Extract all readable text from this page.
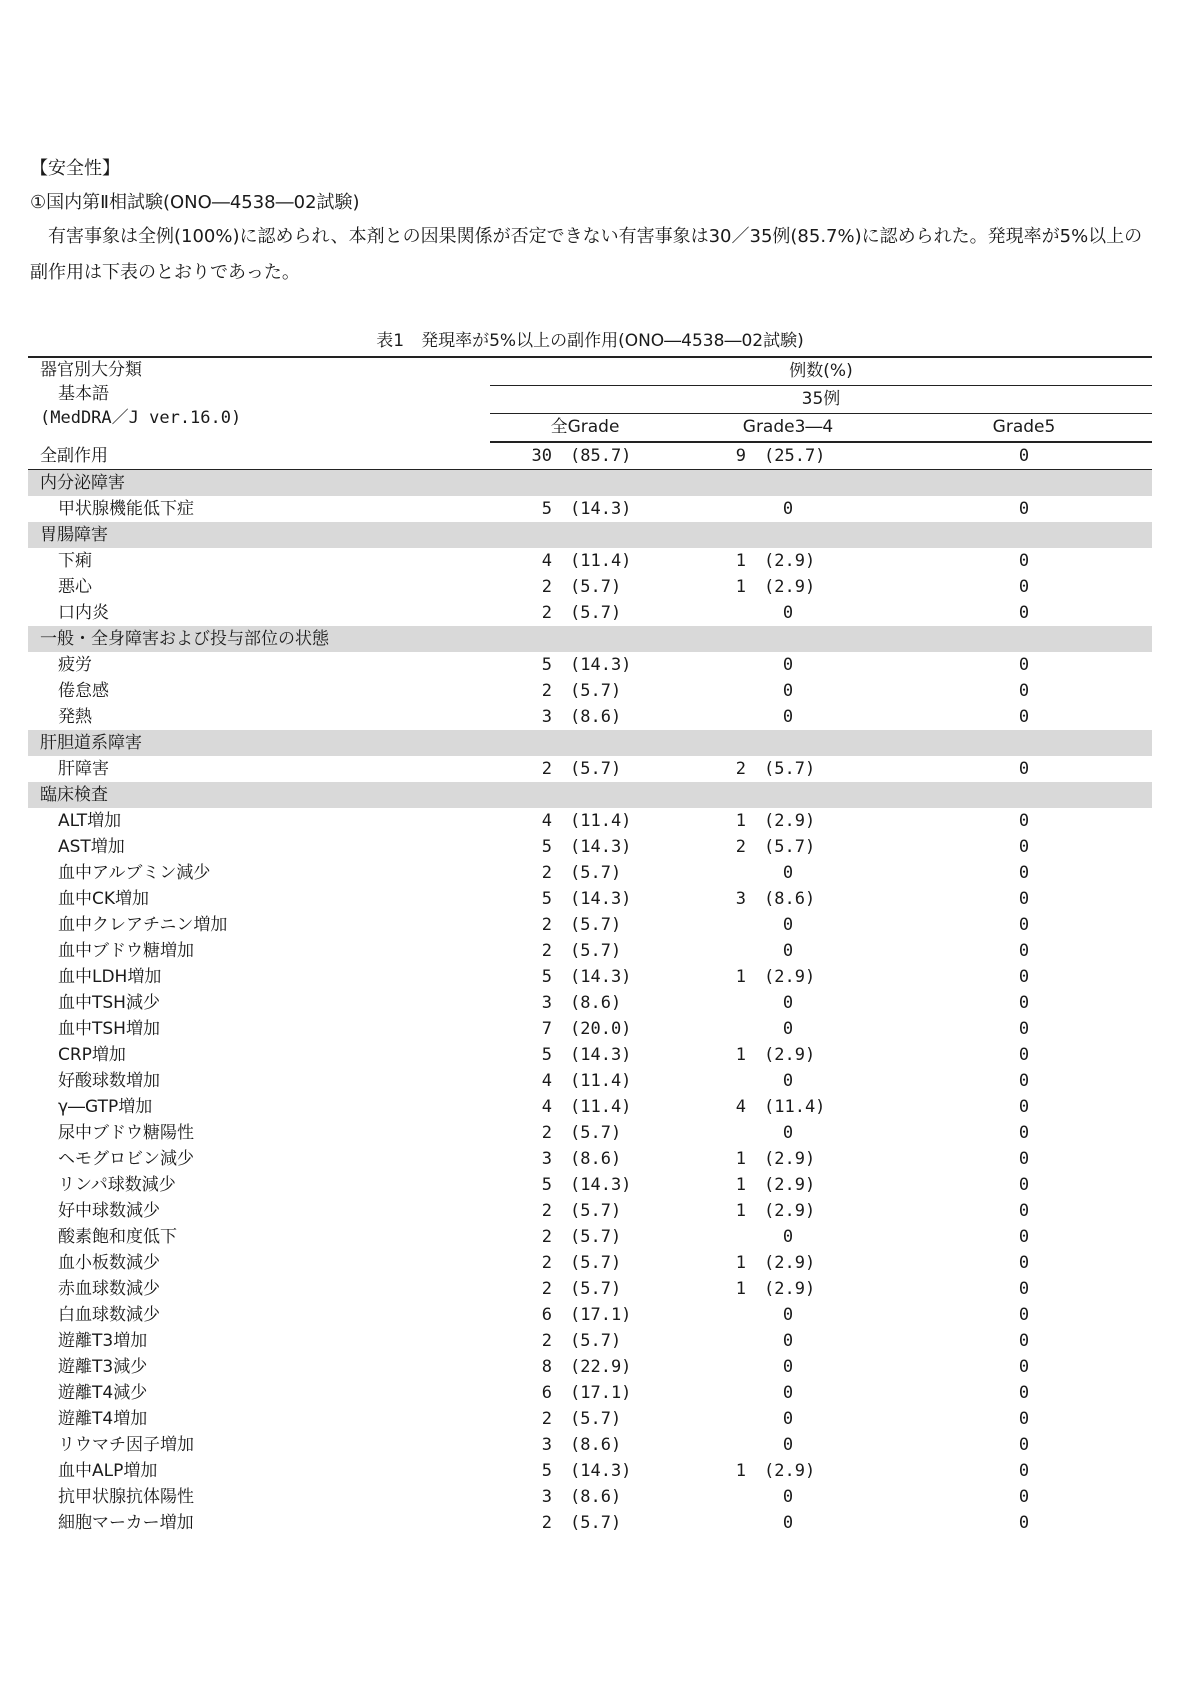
【安全性】
①国内第Ⅱ相試験(ONO―4538―02試験)

有害事象は全例(100%)に認められ、本剤との因果関係が否定できない有害事象は30／35例(85.7%)に認められた。発現率が5%以上の副作用は下表のとおりであった。

表1　発現率が5%以上の副作用(ONO―4538―02試験)
器官別大分類
基本語
(MedDRA／J ver.16.0)	例数(%)				
	35例				
	全Grade		Grade3―4		Grade5
全副作用	30	(85.7)	9	(25.7)	0
内分泌障害					
甲状腺機能低下症	5	(14.3)	0		0
胃腸障害					
下痢	4	(11.4)	1	(2.9)	0
悪心	2	(5.7)	1	(2.9)	0
口内炎	2	(5.7)	0		0
一般・全身障害および投与部位の状態					
疲労	5	(14.3)	0		0
倦怠感	2	(5.7)	0		0
発熱	3	(8.6)	0		0
肝胆道系障害					
肝障害	2	(5.7)	2	(5.7)	0
臨床検査					
ALT増加	4	(11.4)	1	(2.9)	0
AST増加	5	(14.3)	2	(5.7)	0
血中アルブミン減少	2	(5.7)	0		0
血中CK増加	5	(14.3)	3	(8.6)	0
血中クレアチニン増加	2	(5.7)	0		0
血中ブドウ糖増加	2	(5.7)	0		0
血中LDH増加	5	(14.3)	1	(2.9)	0
血中TSH減少	3	(8.6)	0		0
血中TSH増加	7	(20.0)	0		0
CRP増加	5	(14.3)	1	(2.9)	0
好酸球数増加	4	(11.4)	0		0
γ―GTP増加	4	(11.4)	4	(11.4)	0
尿中ブドウ糖陽性	2	(5.7)	0		0
ヘモグロビン減少	3	(8.6)	1	(2.9)	0
リンパ球数減少	5	(14.3)	1	(2.9)	0
好中球数減少	2	(5.7)	1	(2.9)	0
酸素飽和度低下	2	(5.7)	0		0
血小板数減少	2	(5.7)	1	(2.9)	0
赤血球数減少	2	(5.7)	1	(2.9)	0
白血球数減少	6	(17.1)	0		0
遊離T3増加	2	(5.7)	0		0
遊離T3減少	8	(22.9)	0		0
遊離T4減少	6	(17.1)	0		0
遊離T4増加	2	(5.7)	0		0
リウマチ因子増加	3	(8.6)	0		0
血中ALP増加	5	(14.3)	1	(2.9)	0
抗甲状腺抗体陽性	3	(8.6)	0		0
細胞マーカー増加	2	(5.7)	0		0
